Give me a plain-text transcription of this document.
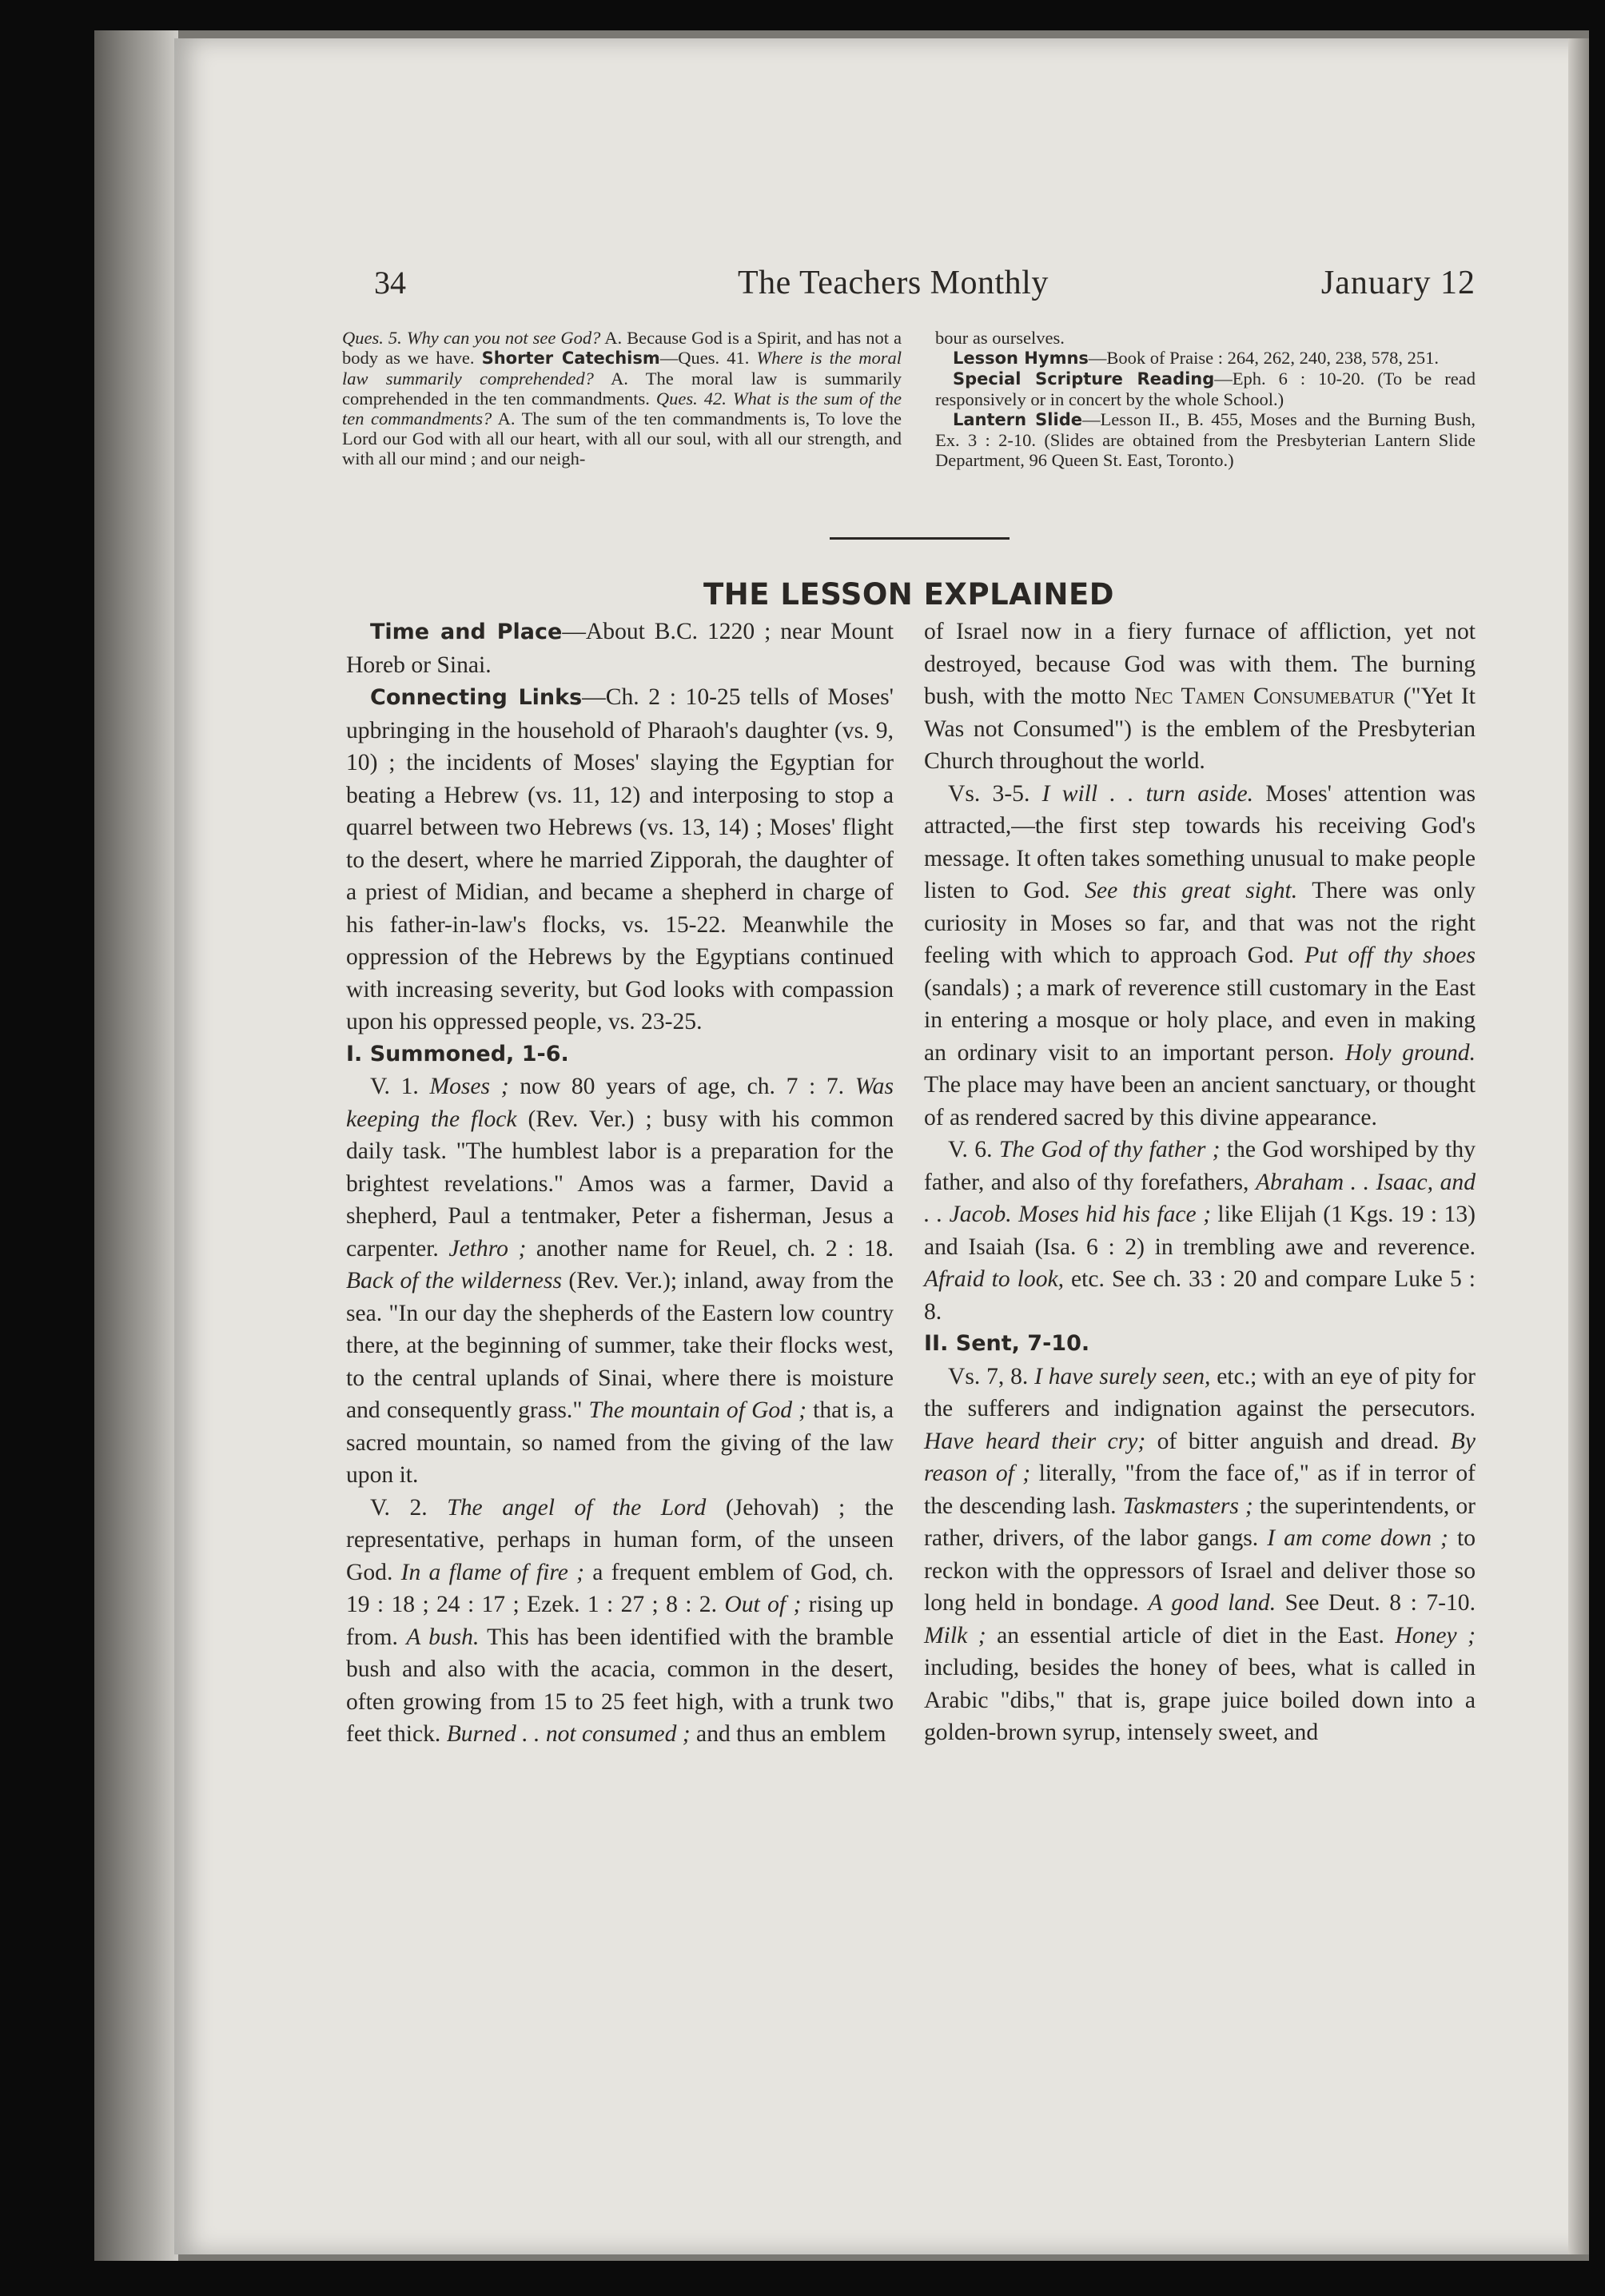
34	The Teachers Monthly	January 12

Ques. 5. Why can you not see God? A. Because God is a Spirit, and has not a body as we have. Shorter Catechism—Ques. 41. Where is the moral law summarily comprehended? A. The moral law is summarily comprehended in the ten commandments. Ques. 42. What is the sum of the ten commandments? A. The sum of the ten commandments is, To love the Lord our God with all our heart, with all our soul, with all our strength, and with all our mind ; and our neigh-

bour as ourselves.

Lesson Hymns—Book of Praise : 264, 262, 240, 238, 578, 251.

Special Scripture Reading—Eph. 6 : 10-20. (To be read responsively or in concert by the whole School.)

Lantern Slide—Lesson II., B. 455, Moses and the Burning Bush, Ex. 3 : 2-10. (Slides are obtained from the Presbyterian Lantern Slide Department, 96 Queen St. East, Toronto.)

THE LESSON EXPLAINED

Time and Place—About B.C. 1220 ; near Mount Horeb or Sinai.

Connecting Links—Ch. 2 : 10-25 tells of Moses' upbringing in the household of Pharaoh's daughter (vs. 9, 10) ; the incidents of Moses' slaying the Egyptian for beating a Hebrew (vs. 11, 12) and interposing to stop a quarrel between two Hebrews (vs. 13, 14) ; Moses' flight to the desert, where he married Zipporah, the daughter of a priest of Midian, and became a shepherd in charge of his father-in-law's flocks, vs. 15-22. Meanwhile the oppression of the Hebrews by the Egyptians continued with increasing severity, but God looks with compassion upon his oppressed people, vs. 23-25.

I. Summoned, 1-6.

V. 1. Moses ; now 80 years of age, ch. 7 : 7. Was keeping the flock (Rev. Ver.) ; busy with his common daily task. "The humblest labor is a preparation for the brightest revelations." Amos was a farmer, David a shepherd, Paul a tentmaker, Peter a fisherman, Jesus a carpenter. Jethro ; another name for Reuel, ch. 2 : 18. Back of the wilderness (Rev. Ver.); inland, away from the sea. "In our day the shepherds of the Eastern low country there, at the beginning of summer, take their flocks west, to the central uplands of Sinai, where there is moisture and consequently grass." The mountain of God ; that is, a sacred mountain, so named from the giving of the law upon it.

V. 2. The angel of the Lord (Jehovah) ; the representative, perhaps in human form, of the unseen God. In a flame of fire ; a frequent emblem of God, ch. 19 : 18 ; 24 : 17 ; Ezek. 1 : 27 ; 8 : 2. Out of ; rising up from. A bush. This has been identified with the bramble bush and also with the acacia, common in the desert, often growing from 15 to 25 feet high, with a trunk two feet thick. Burned . . not consumed ; and thus an emblem

of Israel now in a fiery furnace of affliction, yet not destroyed, because God was with them. The burning bush, with the motto Nec Tamen Consumebatur ("Yet It Was not Consumed") is the emblem of the Presbyterian Church throughout the world.

Vs. 3-5. I will . . turn aside. Moses' attention was attracted,—the first step towards his receiving God's message. It often takes something unusual to make people listen to God. See this great sight. There was only curiosity in Moses so far, and that was not the right feeling with which to approach God. Put off thy shoes (sandals) ; a mark of reverence still customary in the East in entering a mosque or holy place, and even in making an ordinary visit to an important person. Holy ground. The place may have been an ancient sanctuary, or thought of as rendered sacred by this divine appearance.

V. 6. The God of thy father ; the God worshiped by thy father, and also of thy forefathers, Abraham . . Isaac, and . . Jacob. Moses hid his face ; like Elijah (1 Kgs. 19 : 13) and Isaiah (Isa. 6 : 2) in trembling awe and reverence. Afraid to look, etc. See ch. 33 : 20 and compare Luke 5 : 8.

II. Sent, 7-10.

Vs. 7, 8. I have surely seen, etc.; with an eye of pity for the sufferers and indignation against the persecutors. Have heard their cry; of bitter anguish and dread. By reason of ; literally, "from the face of," as if in terror of the descending lash. Taskmasters ; the superintendents, or rather, drivers, of the labor gangs. I am come down ; to reckon with the oppressors of Israel and deliver those so long held in bondage. A good land. See Deut. 8 : 7-10. Milk ; an essential article of diet in the East. Honey ; including, besides the honey of bees, what is called in Arabic "dibs," that is, grape juice boiled down into a golden-brown syrup, intensely sweet, and
